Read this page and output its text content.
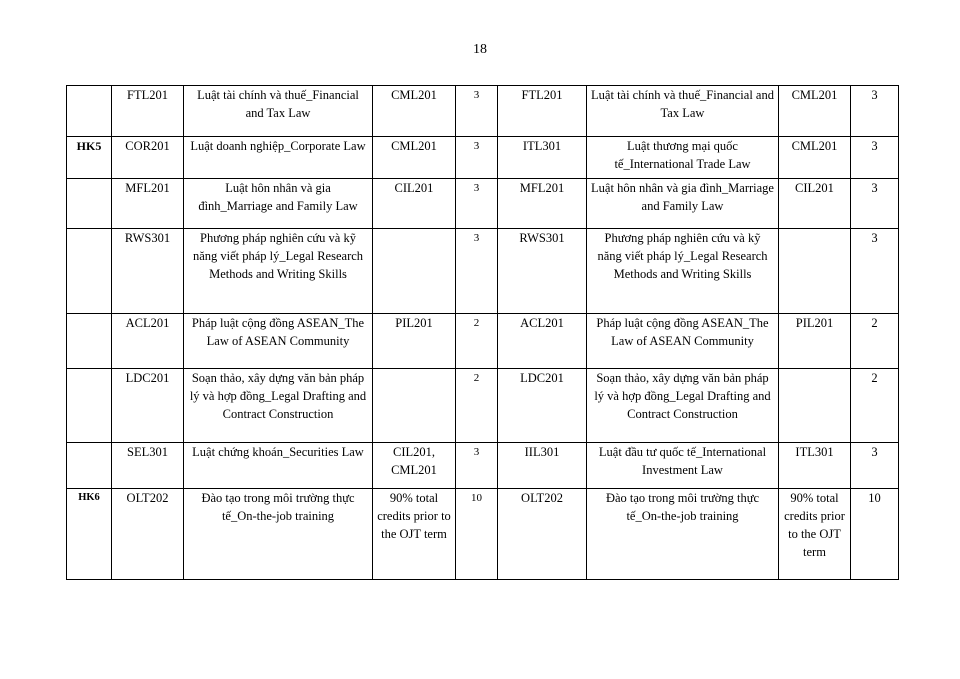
18
	FTL201	Luật tài chính và thuế_Financial and Tax Law	CML201	3	FTL201	Luật tài chính và thuế_Financial and Tax Law	CML201	3
HK5	COR201	Luật doanh nghiệp_Corporate Law	CML201	3	ITL301	Luật thương mại quốc tế_International Trade Law	CML201	3
	MFL201	Luật hôn nhân và gia đình_Marriage and Family Law	CIL201	3	MFL201	Luật hôn nhân và gia đình_Marriage and Family Law	CIL201	3
	RWS301	Phương pháp nghiên cứu và kỹ năng viết pháp lý_Legal Research Methods and Writing Skills		3	RWS301	Phương pháp nghiên cứu và kỹ năng viết pháp lý_Legal Research Methods and Writing Skills		3
	ACL201	Pháp luật cộng đồng ASEAN_The Law of ASEAN Community	PIL201	2	ACL201	Pháp luật cộng đồng ASEAN_The Law of ASEAN Community	PIL201	2
	LDC201	Soạn thảo, xây dựng văn bản pháp lý và hợp đồng_Legal Drafting and Contract Construction		2	LDC201	Soạn thảo, xây dựng văn bản pháp lý và hợp đồng_Legal Drafting and Contract Construction		2
	SEL301	Luật chứng khoán_Securities Law	CIL201, CML201	3	IIL301	Luật đầu tư quốc tế_International Investment Law	ITL301	3
HK6	OLT202	Đào tạo trong môi trường thực tế_On-the-job training	90% total credits prior to the OJT term	10	OLT202	Đào tạo trong môi trường thực tế_On-the-job training	90% total credits prior to the OJT term	10
